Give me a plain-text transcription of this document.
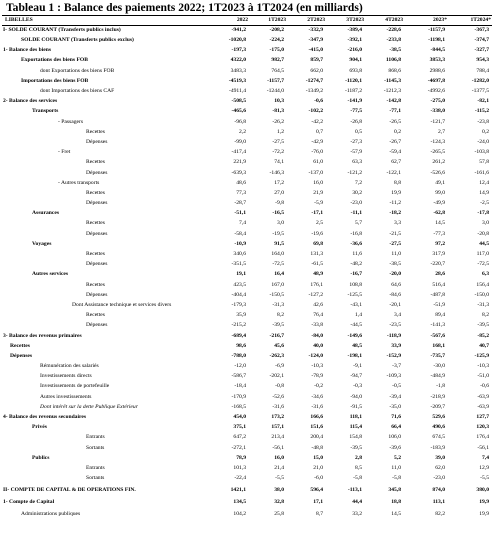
Tableau 1 : Balance des paiements 2022; 1T2023 à 1T2024 (en milliards)
LIBELLES	2022	1T2023	2T2023	3T2023	4T2023	2023*	1T2024*
I- SOLDE COURANT (Transferts publics inclus)	-941,2	-208,2	-332,9	-389,4	-228,6	-1157,9	-367,3
SOLDE COURANT (Transferts publics exclus)	-1020,8	-224,2	-347,9	-392,1	-233,8	-1198,1	-374,7
1- Balance des biens	-197,3	-175,0	-415,0	-216,0	-38,5	-844,5	-327,7
Exportations des biens FOB	4322,0	982,7	859,7	904,1	1106,8	3853,3	954,3
dont Exportations des biens FOB	3483,3	764,5	662,0	693,8	868,6	2988,6	788,4
Importations des biens FOB	-4519,3	-1157,7	-1274,7	-1120,1	-1145,3	-4697,8	-1282,0
dont Importations des biens CAF	-4911,4	-1244,0	-1349,2	-1187,2	-1212,3	-4992,6	-1377,5
2- Balance des services	-508,5	10,3	-0,6	-141,9	-142,8	-275,0	-82,1
Transports	-465,6	-81,3	-102,2	-77,5	-77,1	-338,0	-115,2
- Passagers	-96,8	-26,2	-42,2	-26,8	-26,5	-121,7	-23,8
Recettes	2,2	1,2	0,7	0,5	0,2	2,7	0,2
Dépenses	-99,0	-27,5	-42,9	-27,3	-26,7	-124,3	-24,0
- Fret	-417,4	-72,2	-76,0	-57,9	-59,4	-265,5	-103,8
Recettes	221,9	74,1	61,0	63,3	62,7	261,2	57,8
Dépenses	-639,3	-146,3	-137,0	-121,2	-122,1	-526,6	-161,6
- Autres transports	48,6	17,2	16,0	7,2	8,8	49,1	12,4
Recettes	77,3	27,0	21,9	30,2	19,9	99,0	14,9
Dépenses	-28,7	-9,8	-5,9	-23,0	-11,2	-49,9	-2,5
Assurances	-51,1	-16,5	-17,1	-11,1	-18,2	-62,8	-17,8
Recettes	7,4	3,0	2,5	5,7	3,3	14,5	3,0
Dépenses	-58,4	-19,5	-19,6	-16,8	-21,5	-77,3	-20,8
Voyages	-10,9	91,5	69,8	-36,6	-27,5	97,2	44,5
Recettes	340,6	164,0	131,3	11,6	11,0	317,9	117,0
Dépenses	-351,5	-72,5	-61,5	-48,2	-38,5	-220,7	-72,5
Autres services	19,1	16,4	48,9	-16,7	-20,0	28,6	6,3
Recettes	423,5	167,0	176,1	108,8	64,6	516,4	156,4
Dépenses	-404,4	-150,5	-127,2	-125,5	-84,6	-487,8	-150,0
Dont Assistance technique et services divers	-179,3	-31,3	42,6	-43,1	-20,1	-51,9	-31,3
Recettes	35,9	8,2	76,4	1,4	3,4	89,4	8,2
Dépenses	-215,2	-39,5	-33,8	-44,5	-23,5	-141,3	-39,5
3- Balance des revenus primaires	-689,4	-216,7	-84,0	-149,6	-118,9	-567,6	-85,2
Recettes	98,6	45,6	40,0	48,5	33,9	168,1	40,7
Dépenses	-788,0	-262,3	-124,0	-198,1	-152,9	-735,7	-125,9
Rémunération des salariés	-12,0	-6,9	-10,3	-9,1	-3,7	-30,0	-10,3
Investissements directs	-586,7	-202,1	-78,9	-94,7	-109,3	-484,9	-51,0
Investissements de portefeuille	-18,4	-0,8	-0,2	-0,3	-0,5	-1,8	-0,6
Autres investissements	-170,9	-52,6	-34,6	-94,0	-39,4	-218,9	-63,9
Dont intérêt sur la dette Publique Extérieur	-168,5	-31,6	-31,6	-91,5	-35,0	-209,7	-63,9
4- Balance des revenus secondaires	454,0	173,2	166,6	118,1	71,6	529,6	127,7
Privés	375,1	157,1	151,6	115,4	66,4	490,6	120,3
Entrants	647,2	213,4	200,4	154,8	106,0	674,5	176,4
Sortants	-272,1	-56,1	-48,8	-39,5	-39,6	-183,9	-56,1
Publics	78,9	16,0	15,0	2,8	5,2	39,0	7,4
Entrants	101,3	21,4	21,0	8,5	11,0	62,0	12,9
Sortants	-22,4	-5,5	-6,0	-5,8	-5,8	-23,0	-5,5
II- COMPTE DE CAPITAL & DE OPERATIONS FIN.	1421,1	38,0	596,4	-113,1	345,8	874,0	380,0
1- Compte de Capital	134,5	32,8	17,1	44,4	18,8	113,1	19,9
Administrations publiques	104,2	25,8	8,7	33,2	14,5	82,2	19,9
